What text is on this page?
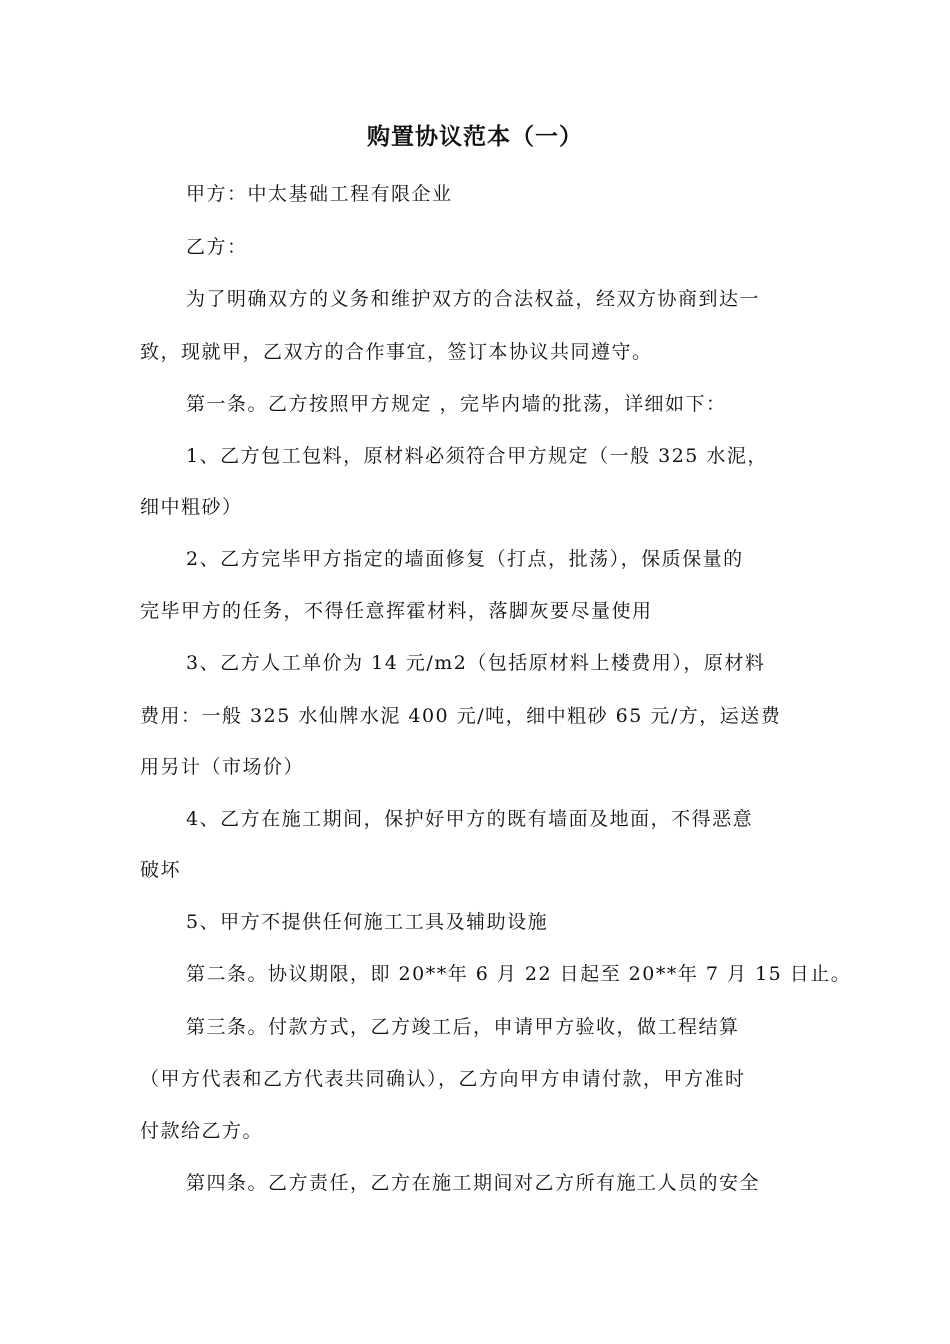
购置协议范本（一）
甲方：中太基础工程有限企业
乙方：
为了明确双方的义务和维护双方的合法权益，经双方协商到达一
致，现就甲，乙双方的合作事宜，签订本协议共同遵守。
第一条。乙方按照甲方规定 ，完毕内墙的批荡，详细如下：
1、乙方包工包料，原材料必须符合甲方规定（一般 325 水泥，
细中粗砂）
2、乙方完毕甲方指定的墙面修复（打点，批荡），保质保量的
完毕甲方的任务，不得任意挥霍材料，落脚灰要尽量使用
3、乙方人工单价为 14 元/m2（包括原材料上楼费用），原材料
费用：一般 325 水仙牌水泥 400 元/吨，细中粗砂 65 元/方，运送费
用另计（市场价）
4、乙方在施工期间，保护好甲方的既有墙面及地面，不得恶意
破坏
5、甲方不提供任何施工工具及辅助设施
第二条。协议期限，即 20**年 6 月 22 日起至 20**年 7 月 15 日止。
第三条。付款方式，乙方竣工后，申请甲方验收，做工程结算
（甲方代表和乙方代表共同确认），乙方向甲方申请付款，甲方准时
付款给乙方。
第四条。乙方责任，乙方在施工期间对乙方所有施工人员的安全
